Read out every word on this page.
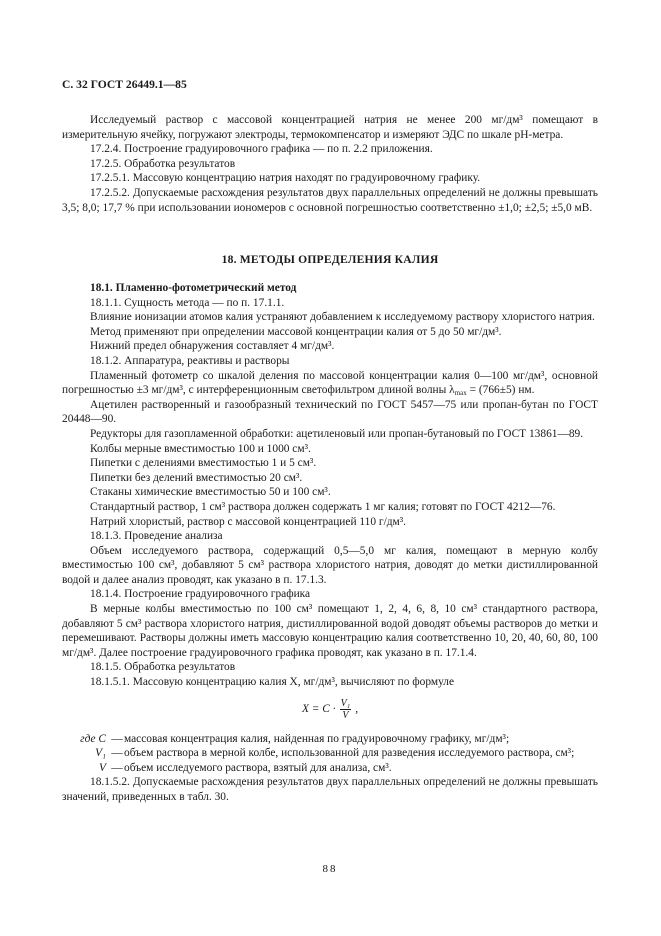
С. 32 ГОСТ 26449.1—85

Исследуемый раствор с массовой концентрацией натрия не менее 200 мг/дм³ помещают в измерительную ячейку, погружают электроды, термокомпенсатор и измеряют ЭДС по шкале pH-метра.

17.2.4. Построение градуировочного графика — по п. 2.2 приложения.

17.2.5. Обработка результатов

17.2.5.1. Массовую концентрацию натрия находят по градуировочному графику.

17.2.5.2. Допускаемые расхождения результатов двух параллельных определений не должны превышать 3,5; 8,0; 17,7 % при использовании иономеров с основной погрешностью соответственно ±1,0; ±2,5; ±5,0 мВ.

18. МЕТОДЫ ОПРЕДЕЛЕНИЯ КАЛИЯ

18.1. Пламенно-фотометрический метод

18.1.1. Сущность метода — по п. 17.1.1.

Влияние ионизации атомов калия устраняют добавлением к исследуемому раствору хлористого натрия.

Метод применяют при определении массовой концентрации калия от 5 до 50 мг/дм³.

Нижний предел обнаружения составляет 4 мг/дм³.

18.1.2. Аппаратура, реактивы и растворы

Пламенный фотометр со шкалой деления по массовой концентрации калия 0—100 мг/дм³, основной погрешностью ±3 мг/дм³, с интерференционным светофильтром длиной волны $\lambda_{max} = (766\pm 5)$ нм.

Ацетилен растворенный и газообразный технический по ГОСТ 5457—75 или пропан-бутан по ГОСТ 20448—90.

Редукторы для газопламенной обработки: ацетиленовый или пропан-бутановый по ГОСТ 13861—89.

Колбы мерные вместимостью 100 и 1000 см³.

Пипетки с делениями вместимостью 1 и 5 см³.

Пипетки без делений вместимостью 20 см³.

Стаканы химические вместимостью 50 и 100 см³.

Стандартный раствор, 1 см³ раствора должен содержать 1 мг калия; готовят по ГОСТ 4212—76.

Натрий хлористый, раствор с массовой концентрацией 110 г/дм³.

18.1.3. Проведение анализа

Объем исследуемого раствора, содержащий 0,5—5,0 мг калия, помещают в мерную колбу вместимостью 100 см³, добавляют 5 см³ раствора хлористого натрия, доводят до метки дистиллированной водой и далее анализ проводят, как указано в п. 17.1.3.

18.1.4. Построение градуировочного графика

В мерные колбы вместимостью по 100 см³ помещают 1, 2, 4, 6, 8, 10 см³ стандартного раствора, добавляют 5 см³ раствора хлористого натрия, дистиллированной водой доводят объемы растворов до метки и перемешивают. Растворы должны иметь массовую концентрацию калия соответственно 10, 20, 40, 60, 80, 100 мг/дм³. Далее построение градуировочного графика проводят, как указано в п. 17.1.4.

18.1.5. Обработка результатов

18.1.5.1. Массовую концентрацию калия X, мг/дм³, вычисляют по формуле

$X = C \cdot \frac{\text{V₁}}{V}$ ,
где C — массовая концентрация калия, найденная по градуировочному графику, мг/дм³;
V₁ — объем раствора в мерной колбе, использованной для разведения исследуемого раствора, см³;
V — объем исследуемого раствора, взятый для анализа, см³.

18.1.5.2. Допускаемые расхождения результатов двух параллельных определений не должны превышать значений, приведенных в табл. 30.

88
